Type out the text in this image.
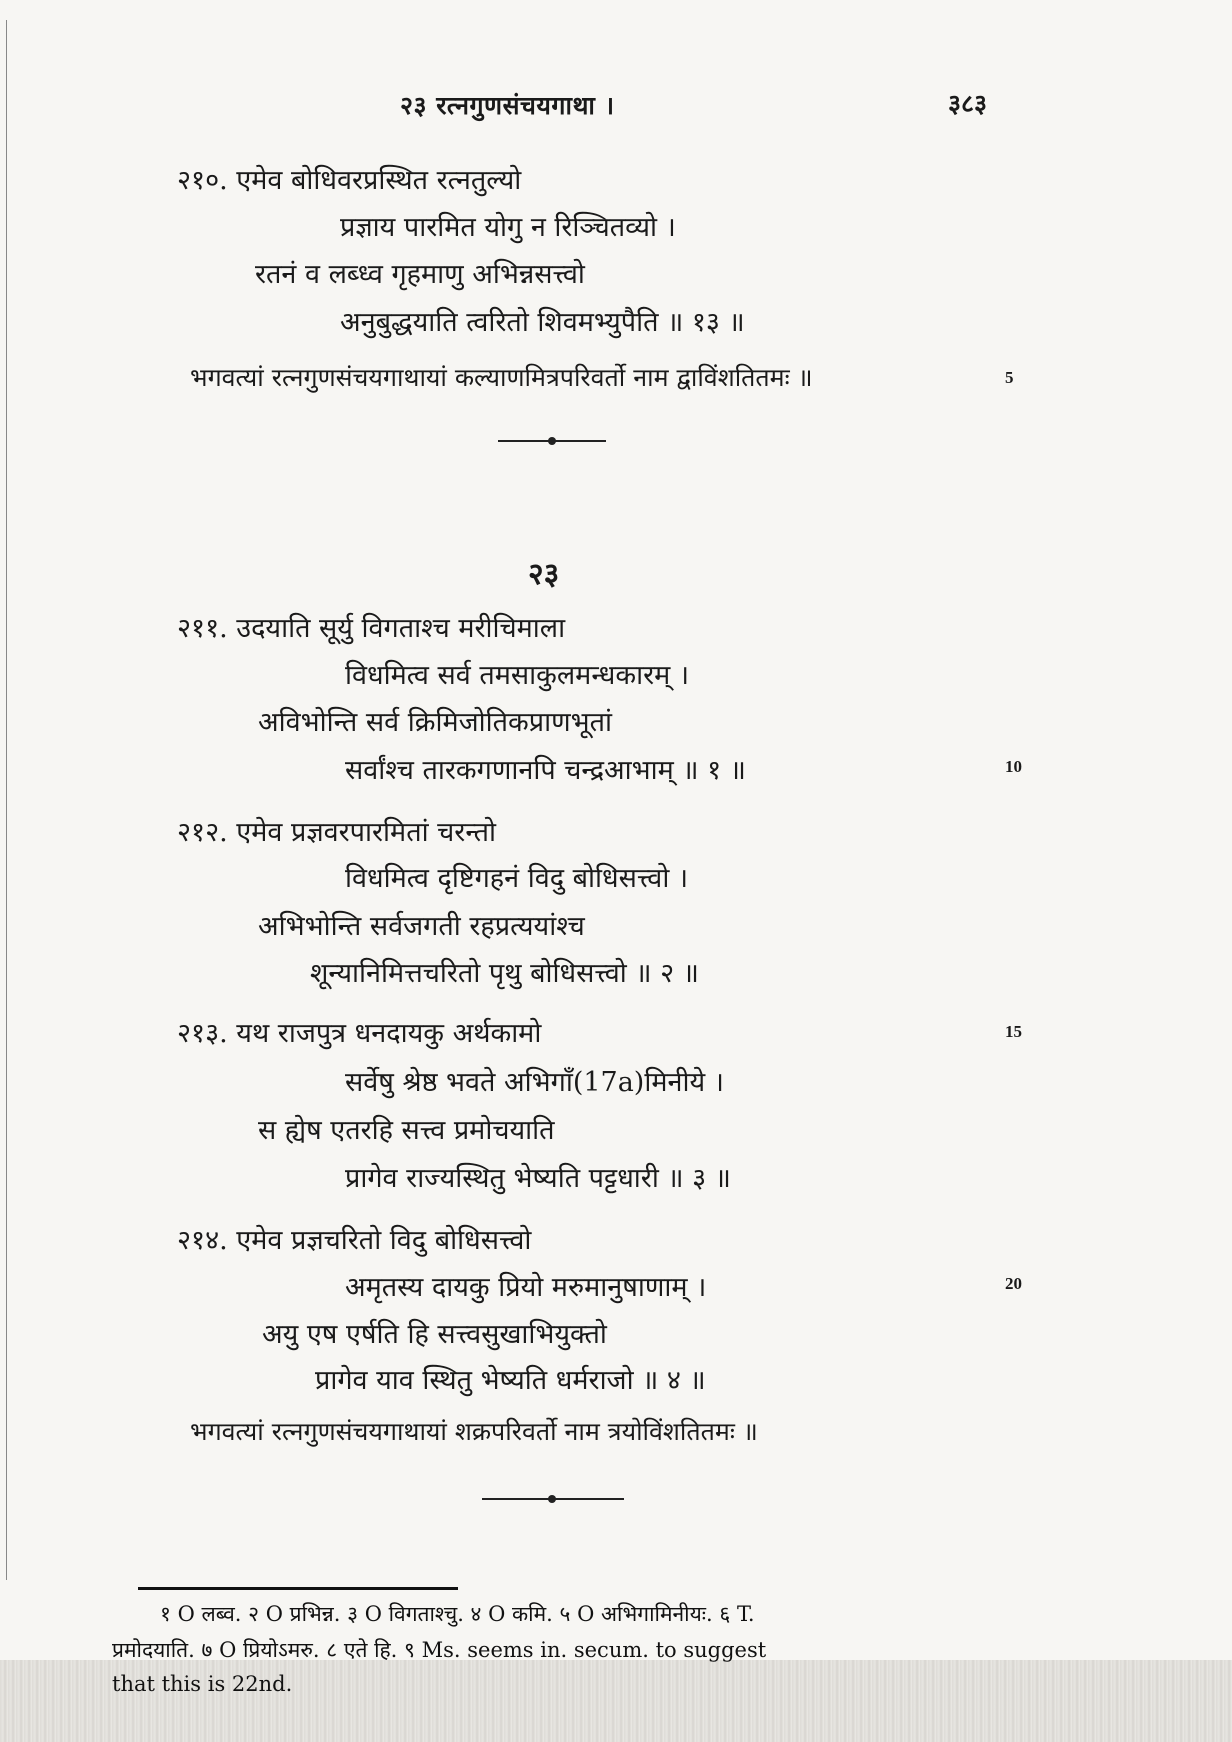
२३ रत्नगुणसंचयगाथा ।	३८३
२१०. एमेव बोधिवरप्रस्थित रत्नतुल्यो
प्रज्ञाय पारमित योगु न रिञ्चितव्यो ।
रतनं व लब्ध्व गृहमाणु अभिन्नसत्त्वो
अनुबुद्धयाति त्वरितो शिवमभ्युपैति ॥ १३ ॥
भगवत्यां रत्नगुणसंचयगाथायां कल्याणमित्रपरिवर्तो नाम द्वाविंशतितमः ॥	5
२३
२११. उदयाति सूर्यु विगताश्च मरीचिमाला
विधमित्व सर्व तमसाकुलमन्धकारम् ।
अविभोन्ति सर्व क्रिमिजोतिकप्राणभूतां
सर्वांश्च तारकगणानपि चन्द्रआभाम् ॥ १ ॥	10
२१२. एमेव प्रज्ञवरपारमितां चरन्तो
विधमित्व दृष्टिगहनं विदु बोधिसत्त्वो ।
अभिभोन्ति सर्वजगती रहप्रत्ययांश्च
शून्यानिमित्तचरितो पृथु बोधिसत्त्वो ॥ २ ॥
२१३. यथ राजपुत्र धनदायकु अर्थकामो	15
सर्वेषु श्रेष्ठ भवते अभिगाँ(17a)मिनीये ।
स ह्येष एतरहि सत्त्व प्रमोचयाति
प्रागेव राज्यस्थितु भेष्यति पट्टधारी ॥ ३ ॥
२१४. एमेव प्रज्ञचरितो विदु बोधिसत्त्वो
अमृतस्य दायकु प्रियो मरुमानुषाणाम् ।	20
अयु एष एर्षति हि सत्त्वसुखाभियुक्तो
प्रागेव याव स्थितु भेष्यति धर्मराजो ॥ ४ ॥
भगवत्यां रत्नगुणसंचयगाथायां शक्रपरिवर्तो नाम त्रयोविंशतितमः ॥
१ O लब्व. २ O प्रभिन्न. ३ O विगताश्चु. ४ O कमि. ५ O अभिगामिनीयः. ६ T.
प्रमोदयाति. ७ O प्रियोऽमरु. ८ एते हि. ९ Ms. seems in. secum. to suggest
that this is 22nd.
